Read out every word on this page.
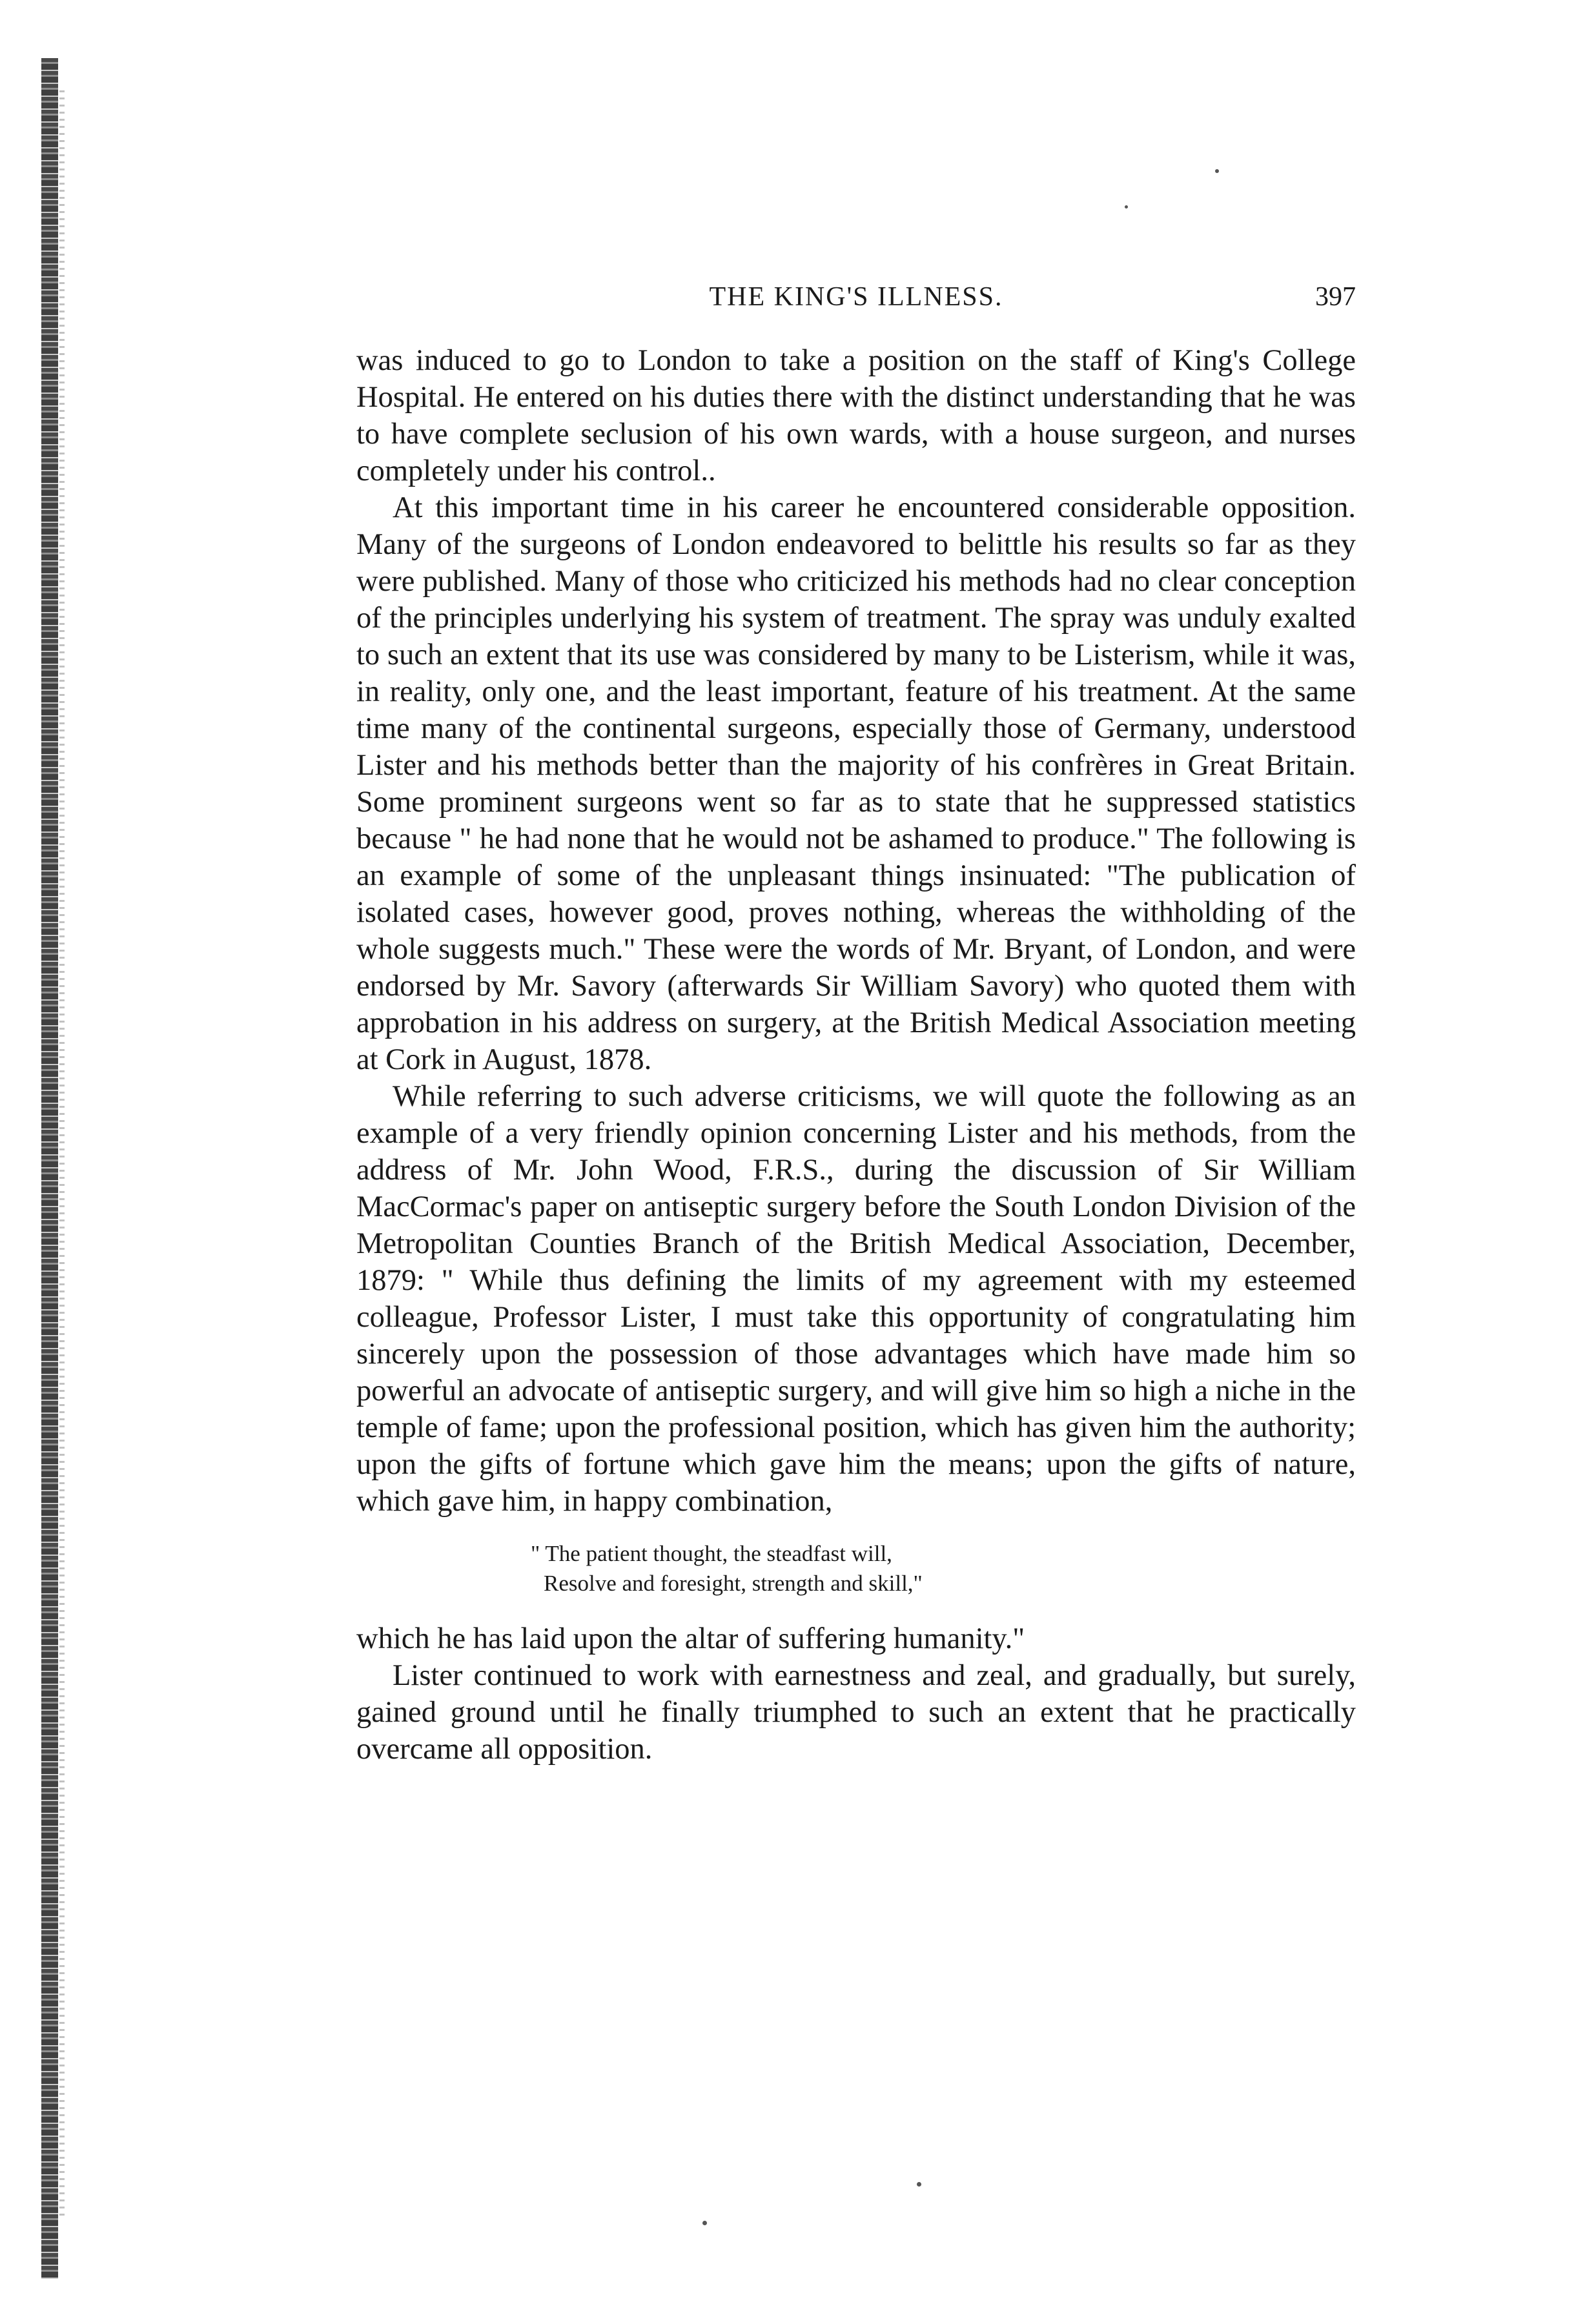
THE KING'S ILLNESS.	397

was induced to go to London to take a position on the staff of King's College Hospital. He entered on his duties there with the distinct understanding that he was to have complete seclusion of his own wards, with a house surgeon, and nurses completely under his control..

At this important time in his career he encountered considerable opposition. Many of the surgeons of London endeavored to belittle his results so far as they were published. Many of those who criticized his methods had no clear conception of the principles underlying his system of treatment. The spray was unduly exalted to such an extent that its use was considered by many to be Listerism, while it was, in reality, only one, and the least important, feature of his treatment. At the same time many of the continental surgeons, especially those of Germany, understood Lister and his methods better than the majority of his confrères in Great Britain. Some prominent surgeons went so far as to state that he suppressed statistics because " he had none that he would not be ashamed to produce." The following is an example of some of the unpleasant things insinuated: "The publication of isolated cases, however good, proves nothing, whereas the withholding of the whole suggests much." These were the words of Mr. Bryant, of London, and were endorsed by Mr. Savory (afterwards Sir William Savory) who quoted them with approbation in his address on surgery, at the British Medical Association meeting at Cork in August, 1878.

While referring to such adverse criticisms, we will quote the following as an example of a very friendly opinion concerning Lister and his methods, from the address of Mr. John Wood, F.R.S., during the discussion of Sir William MacCormac's paper on antiseptic surgery before the South London Division of the Metropolitan Counties Branch of the British Medical Association, December, 1879: " While thus defining the limits of my agreement with my esteemed colleague, Professor Lister, I must take this opportunity of congratulating him sincerely upon the possession of those advantages which have made him so powerful an advocate of antiseptic surgery, and will give him so high a niche in the temple of fame; upon the professional position, which has given him the authority; upon the gifts of fortune which gave him the means; upon the gifts of nature, which gave him, in happy combination,

" The patient thought, the steadfast will,
Resolve and foresight, strength and skill,"

which he has laid upon the altar of suffering humanity."

Lister continued to work with earnestness and zeal, and gradually, but surely, gained ground until he finally triumphed to such an extent that he practically overcame all opposition.
